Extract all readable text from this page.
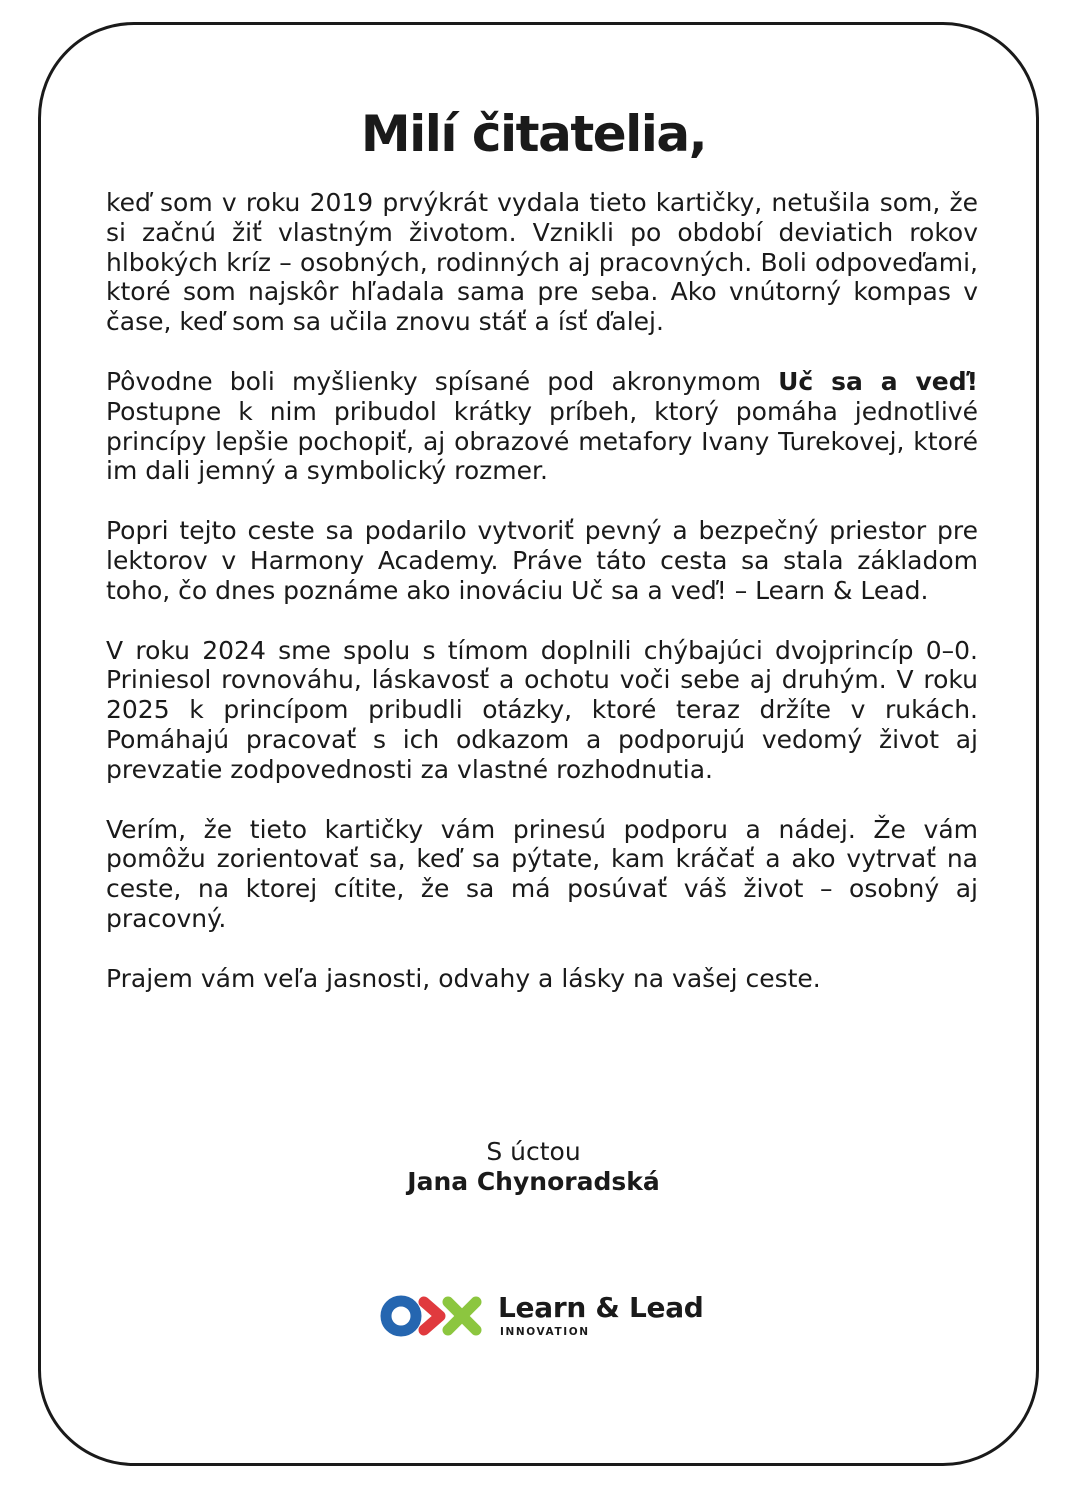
Milí čitatelia,

keď som v roku 2019 prvýkrát vydala tieto kartičky, netušila som, že si začnú žiť vlastným životom. Vznikli po období deviatich rokov hlbokých kríz – osobných, rodinných aj pracovných. Boli odpoveďami, ktoré som najskôr hľadala sama pre seba. Ako vnútorný kompas v čase, keď som sa učila znovu stáť a ísť ďalej.

Pôvodne boli myšlienky spísané pod akronymom Uč sa a veď! Postupne k nim pribudol krátky príbeh, ktorý pomáha jednotlivé princípy lepšie pochopiť, aj obrazové metafory Ivany Turekovej, ktoré im dali jemný a symbolický rozmer.

Popri tejto ceste sa podarilo vytvoriť pevný a bezpečný priestor pre lektorov v Harmony Academy. Práve táto cesta sa stala základom toho, čo dnes poznáme ako inováciu Uč sa a veď! – Learn & Lead.

V roku 2024 sme spolu s tímom doplnili chýbajúci dvojprincíp 0–0. Priniesol rovnováhu, láskavosť a ochotu voči sebe aj druhým. V roku 2025 k princípom pribudli otázky, ktoré teraz držíte v rukách. Pomáhajú pracovať s ich odkazom a podporujú vedomý život aj prevzatie zodpovednosti za vlastné rozhodnutia.

Verím, že tieto kartičky vám prinesú podporu a nádej. Že vám pomôžu zorientovať sa, keď sa pýtate, kam kráčať a ako vytrvať na ceste, na ktorej cítite, že sa má posúvať váš život – osobný aj pracovný.

Prajem vám veľa jasnosti, odvahy a lásky na vašej ceste.

S úctou
Jana Chynoradská
Learn & Lead
INNOVATION
